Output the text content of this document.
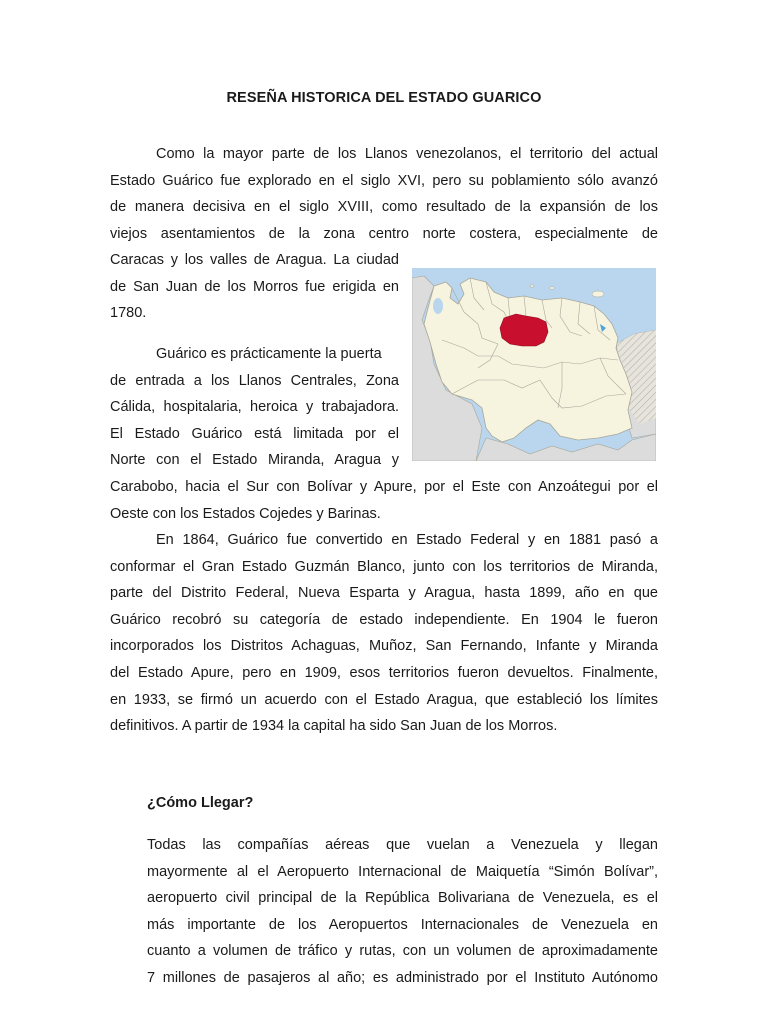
RESEÑA HISTORICA DEL ESTADO GUARICO
Como la mayor parte de los Llanos venezolanos, el territorio del actual
Estado Guárico fue explorado en el siglo XVI, pero su poblamiento sólo avanzó
de manera decisiva en el siglo XVIII, como resultado de la expansión de los
viejos asentamientos de la zona centro norte costera, especialmente de
Caracas y los valles de Aragua. La ciudad
de San Juan de los Morros fue erigida en
1780.
Guárico es prácticamente la puerta
de entrada a los Llanos Centrales, Zona
Cálida, hospitalaria, heroica y trabajadora.
El Estado Guárico está limitada por el
Norte con el Estado Miranda, Aragua y
Carabobo, hacia el Sur con Bolívar y Apure, por el Este con Anzoátegui por el
Oeste con los Estados Cojedes y Barinas.
En 1864, Guárico fue convertido en Estado Federal y en 1881 pasó a
conformar el Gran Estado Guzmán Blanco, junto con los territorios de Miranda,
parte del Distrito Federal, Nueva Esparta y Aragua, hasta 1899, año en que
Guárico recobró su categoría de estado independiente. En 1904 le fueron
incorporados los Distritos Achaguas, Muñoz, San Fernando, Infante y Miranda
del Estado Apure, pero en 1909, esos territorios fueron devueltos. Finalmente,
en 1933, se firmó un acuerdo con el Estado Aragua, que estableció los límites
definitivos. A partir de 1934 la capital ha sido San Juan de los Morros.
¿Cómo Llegar?
Todas las compañías aéreas que vuelan a Venezuela y llegan
mayormente al el Aeropuerto Internacional de Maiquetía “Simón Bolívar”,
aeropuerto civil principal de la República Bolivariana de Venezuela, es el
más importante de los Aeropuertos Internacionales de Venezuela en
cuanto a volumen de tráfico y rutas, con un volumen de aproximadamente
7 millones de pasajeros al año; es administrado por el Instituto Autónomo
